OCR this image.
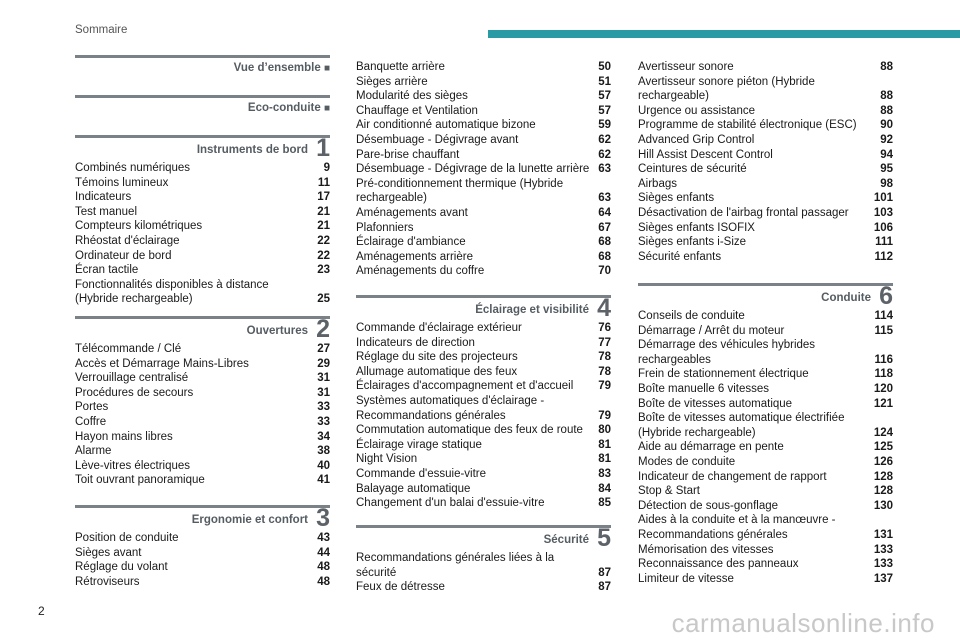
Sommaire
Vue d’ensemble ■
Eco-conduite ■
Instruments de bord 1
Combinés numériques	9
Témoins lumineux	11
Indicateurs	17
Test manuel	21
Compteurs kilométriques	21
Rhéostat d'éclairage	22
Ordinateur de bord	22
Écran tactile	23
Fonctionnalités disponibles à distance (Hybride rechargeable)	25
Ouvertures 2
Télécommande / Clé	27
Accès et Démarrage Mains-Libres	29
Verrouillage centralisé	31
Procédures de secours	31
Portes	33
Coffre	33
Hayon mains libres	34
Alarme	38
Lève-vitres électriques	40
Toit ouvrant panoramique	41
Ergonomie et confort 3
Position de conduite	43
Sièges avant	44
Réglage du volant	48
Rétroviseurs	48
Banquette arrière	50
Sièges arrière	51
Modularité des sièges	57
Chauffage et Ventilation	57
Air conditionné automatique bizone	59
Désembuage - Dégivrage avant	62
Pare-brise chauffant	62
Désembuage - Dégivrage de la lunette arrière 63
Pré-conditionnement thermique (Hybride rechargeable)	63
Aménagements avant	64
Plafonniers	67
Éclairage d'ambiance	68
Aménagements arrière	68
Aménagements du coffre	70
Éclairage et visibilité 4
Commande d'éclairage extérieur	76
Indicateurs de direction	77
Réglage du site des projecteurs	78
Allumage automatique des feux	78
Éclairages d'accompagnement et d'accueil	79
Systèmes automatiques d'éclairage - Recommandations générales	79
Commutation automatique des feux de route	80
Éclairage virage statique	81
Night Vision	81
Commande d'essuie-vitre	83
Balayage automatique	84
Changement d'un balai d'essuie-vitre	85
Sécurité 5
Recommandations générales liées à la sécurité	87
Feux de détresse	87
Avertisseur sonore	88
Avertisseur sonore piéton (Hybride rechargeable)	88
Urgence ou assistance	88
Programme de stabilité électronique (ESC)	90
Advanced Grip Control	92
Hill Assist Descent Control	94
Ceintures de sécurité	95
Airbags	98
Sièges enfants	101
Désactivation de l'airbag frontal passager	103
Sièges enfants ISOFIX	106
Sièges enfants i-Size	111
Sécurité enfants	112
Conduite 6
Conseils de conduite	114
Démarrage / Arrêt du moteur	115
Démarrage des véhicules hybrides rechargeables	116
Frein de stationnement électrique	118
Boîte manuelle 6 vitesses	120
Boîte de vitesses automatique	121
Boîte de vitesses automatique électrifiée (Hybride rechargeable)	124
Aide au démarrage en pente	125
Modes de conduite	126
Indicateur de changement de rapport	128
Stop & Start	128
Détection de sous-gonflage	130
Aides à la conduite et à la manœuvre - Recommandations générales	131
Mémorisation des vitesses	133
Reconnaissance des panneaux	133
Limiteur de vitesse	137
2	carmanualsonline.info
